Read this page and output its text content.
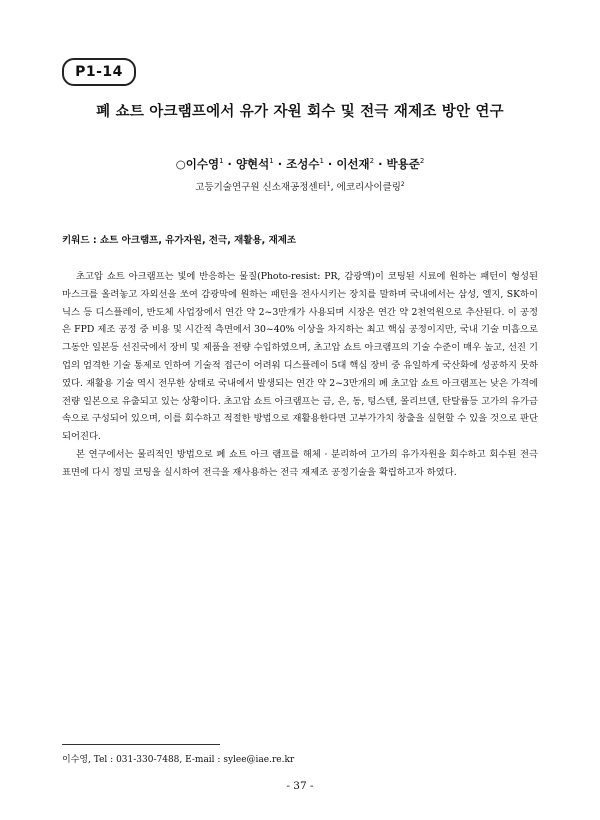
P1-14
폐 쇼트 아크램프에서 유가 자원 회수 및 전극 재제조 방안 연구
○이수영$^1$ · 양현석$^1$ · 조성수$^1$ · 이선재$^2$ · 박용준$^2$
고등기술연구원 신소재공정센터$^1$, 에코리사이클링$^2$
키워드 : 쇼트 아크램프, 유가자원, 전극, 재활용, 재제조

초고압 쇼트 아크램프는 빛에 반응하는 물질(Photo-resist: PR, 감광액)이 코팅된 시료에 원하는 패턴이 형성된 마스크를 올려놓고 자외선을 쏘여 감광막에 원하는 패턴을 전사시키는 장치를 말하며 국내에서는 삼성, 엘지, SK하이닉스 등 디스플레이, 반도체 사업장에서 연간 약 2~3만개가 사용되며 시장은 연간 약 2천억원으로 추산된다. 이 공정은 FPD 제조 공정 중 비용 및 시간적 측면에서 30~40% 이상을 차지하는 최고 핵심 공정이지만, 국내 기술 미흡으로 그동안 일본등 선진국에서 장비 및 제품을 전량 수입하였으며, 초고압 쇼트 아크램프의 기술 수준이 매우 높고, 선진 기업의 엄격한 기술 통제로 인하여 기술적 접근이 어려워 디스플레이 5대 핵심 장비 중 유일하게 국산화에 성공하지 못하였다. 재활용 기술 역시 전무한 상태로 국내에서 발생되는 연간 약 2~3만개의 폐 초고압 쇼트 아크램프는 낮은 가격에 전량 일본으로 유출되고 있는 상황이다. 초고압 쇼트 아크램프는 금, 은, 동, 텅스텐, 몰리브덴, 탄탈륨등 고가의 유가금속으로 구성되어 있으며, 이를 회수하고 적절한 방법으로 재활용한다면 고부가가치 창출을 실현할 수 있을 것으로 판단되어진다.

본 연구에서는 물리적인 방법으로 폐 쇼트 아크 램프를 해체 · 분리하여 고가의 유가자원을 회수하고 회수된 전극 표면에 다시 정밀 코팅을 실시하여 전극을 재사용하는 전극 재제조 공정기술을 확립하고자 하였다.

이수영, Tel : 031-330-7488, E-mail : sylee@iae.re.kr
- 37 -
